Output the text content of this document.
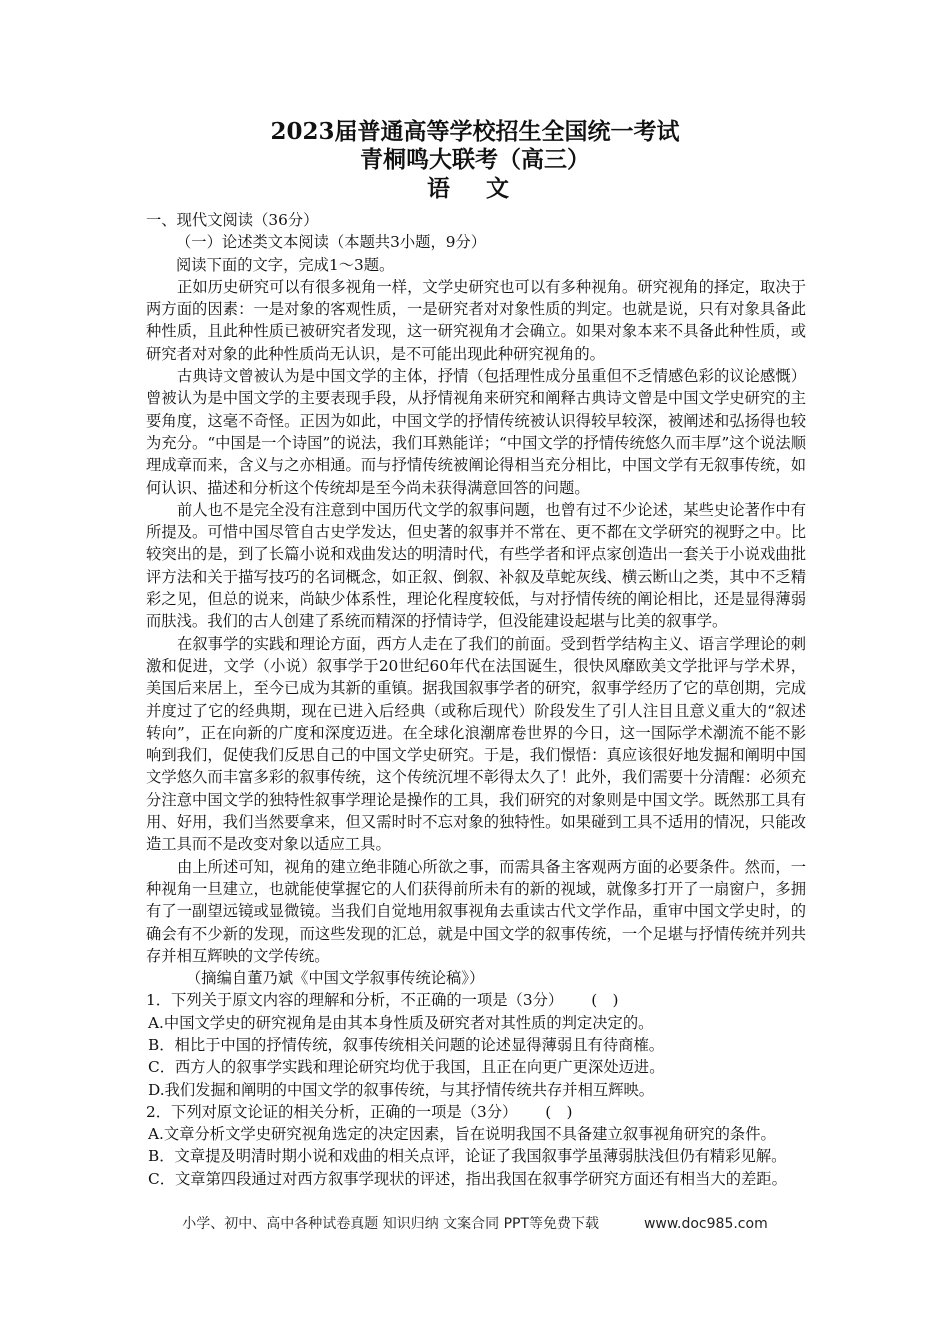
2023届普通高等学校招生全国统一考试
青桐鸣大联考（高三）
语 文

一、现代文阅读（36分）

（一）论述类文本阅读（本题共3小题，9分）

阅读下面的文字，完成1～3题。

正如历史研究可以有很多视角一样，文学史研究也可以有多种视角。研究视角的择定，取决于两方面的因素：一是对象的客观性质，一是研究者对对象性质的判定。也就是说，只有对象具备此种性质，且此种性质已被研究者发现，这一研究视角才会确立。如果对象本来不具备此种性质，或研究者对对象的此种性质尚无认识，是不可能出现此种研究视角的。

古典诗文曾被认为是中国文学的主体，抒情（包括理性成分虽重但不乏情感色彩的议论感慨）曾被认为是中国文学的主要表现手段，从抒情视角来研究和阐释古典诗文曾是中国文学史研究的主要角度，这毫不奇怪。正因为如此，中国文学的抒情传统被认识得较早较深，被阐述和弘扬得也较为充分。“中国是一个诗国”的说法，我们耳熟能详；“中国文学的抒情传统悠久而丰厚”这个说法顺理成章而来，含义与之亦相通。而与抒情传统被阐论得相当充分相比，中国文学有无叙事传统，如何认识、描述和分析这个传统却是至今尚未获得满意回答的问题。

前人也不是完全没有注意到中国历代文学的叙事问题，也曾有过不少论述，某些史论著作中有所提及。可惜中国尽管自古史学发达，但史著的叙事并不常在、更不都在文学研究的视野之中。比较突出的是，到了长篇小说和戏曲发达的明清时代，有些学者和评点家创造出一套关于小说戏曲批评方法和关于描写技巧的名词概念，如正叙、倒叙、补叙及草蛇灰线、横云断山之类，其中不乏精彩之见，但总的说来，尚缺少体系性，理论化程度较低，与对抒情传统的阐论相比，还是显得薄弱而肤浅。我们的古人创建了系统而精深的抒情诗学，但没能建设起堪与比美的叙事学。

在叙事学的实践和理论方面，西方人走在了我们的前面。受到哲学结构主义、语言学理论的刺激和促进，文学（小说）叙事学于20世纪60年代在法国诞生，很快风靡欧美文学批评与学术界，美国后来居上，至今已成为其新的重镇。据我国叙事学者的研究，叙事学经历了它的草创期，完成并度过了它的经典期，现在已进入后经典（或称后现代）阶段发生了引人注目且意义重大的“叙述转向”，正在向新的广度和深度迈进。在全球化浪潮席卷世界的今日，这一国际学术潮流不能不影响到我们，促使我们反思自己的中国文学史研究。于是，我们憬悟：真应该很好地发掘和阐明中国文学悠久而丰富多彩的叙事传统，这个传统沉埋不彰得太久了！此外，我们需要十分清醒：必须充分注意中国文学的独特性叙事学理论是操作的工具，我们研究的对象则是中国文学。既然那工具有用、好用，我们当然要拿来，但又需时时不忘对象的独特性。如果碰到工具不适用的情况，只能改造工具而不是改变对象以适应工具。

由上所述可知，视角的建立绝非随心所欲之事，而需具备主客观两方面的必要条件。然而，一种视角一旦建立，也就能使掌握它的人们获得前所未有的新的视域，就像多打开了一扇窗户，多拥有了一副望远镜或显微镜。当我们自觉地用叙事视角去重读古代文学作品，重审中国文学史时，的确会有不少新的发现，而这些发现的汇总，就是中国文学的叙事传统，一个足堪与抒情传统并列共存并相互辉映的文学传统。

（摘编自董乃斌《中国文学叙事传统论稿》）

1．下列关于原文内容的理解和分析，不正确的一项是（3分） (　)

A.中国文学史的研究视角是由其本身性质及研究者对其性质的判定决定的。

B．相比于中国的抒情传统，叙事传统相关问题的论述显得薄弱且有待商榷。

C．西方人的叙事学实践和理论研究均优于我国，且正在向更广更深处迈进。

D.我们发掘和阐明的中国文学的叙事传统，与其抒情传统共存并相互辉映。

2．下列对原文论证的相关分析，正确的一项是（3分） (　)

A.文章分析文学史研究视角选定的决定因素，旨在说明我国不具备建立叙事视角研究的条件。

B．文章提及明清时期小说和戏曲的相关点评，论证了我国叙事学虽薄弱肤浅但仍有精彩见解。

C．文章第四段通过对西方叙事学现状的评述，指出我国在叙事学研究方面还有相当大的差距。

小学、初中、高中各种试卷真题 知识归纳 文案合同 PPT等免费下载	www.doc985.com
